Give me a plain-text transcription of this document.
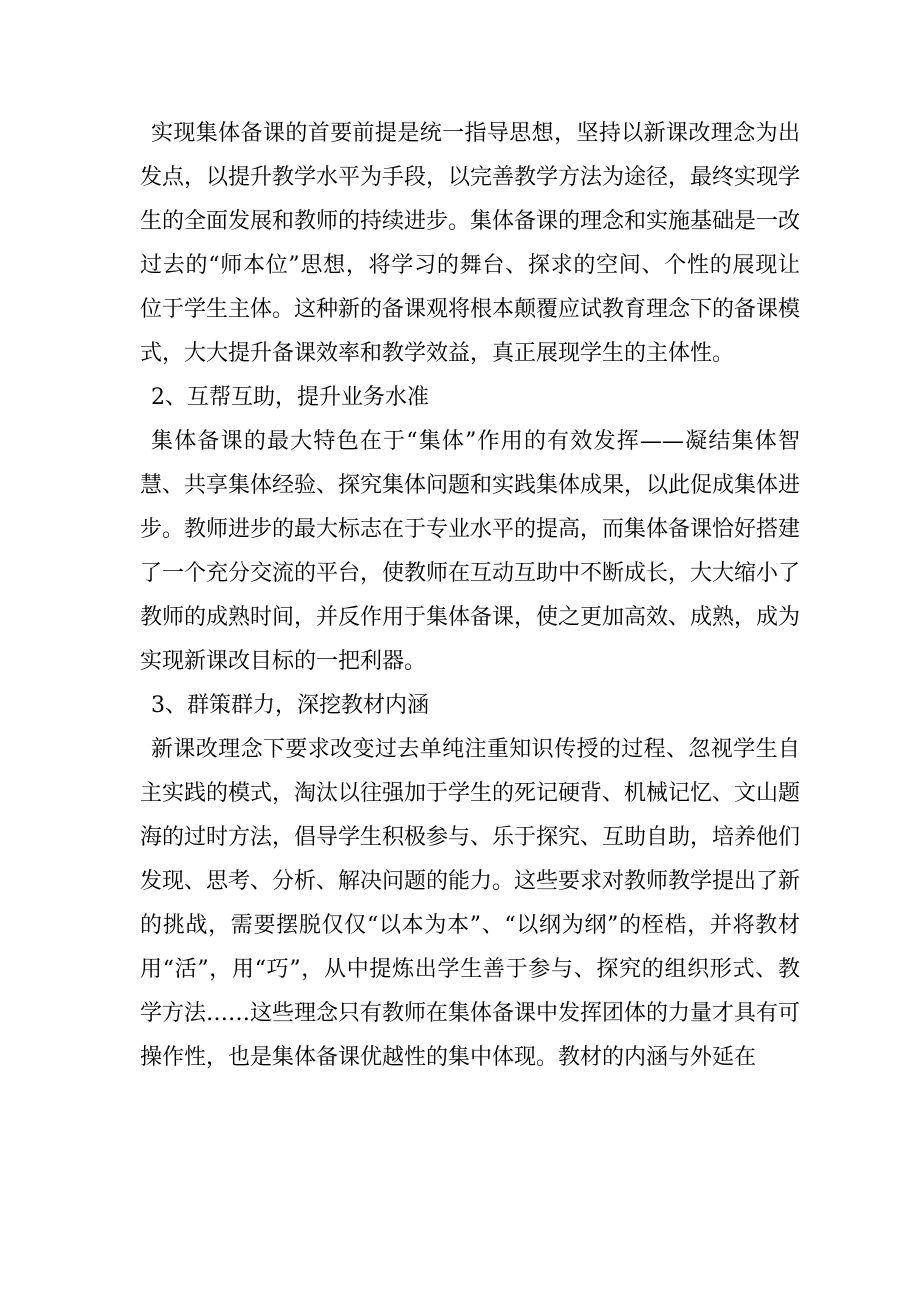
实现集体备课的首要前提是统一指导思想，坚持以新课改理念为出发点，以提升教学水平为手段，以完善教学方法为途径，最终实现学生的全面发展和教师的持续进步。集体备课的理念和实施基础是一改过去的“师本位”思想，将学习的舞台、探求的空间、个性的展现让位于学生主体。这种新的备课观将根本颠覆应试教育理念下的备课模式，大大提升备课效率和教学效益，真正展现学生的主体性。

2、互帮互助，提升业务水准

集体备课的最大特色在于“集体”作用的有效发挥——凝结集体智慧、共享集体经验、探究集体问题和实践集体成果，以此促成集体进步。教师进步的最大标志在于专业水平的提高，而集体备课恰好搭建了一个充分交流的平台，使教师在互动互助中不断成长，大大缩小了教师的成熟时间，并反作用于集体备课，使之更加高效、成熟，成为实现新课改目标的一把利器。

3、群策群力，深挖教材内涵

新课改理念下要求改变过去单纯注重知识传授的过程、忽视学生自主实践的模式，淘汰以往强加于学生的死记硬背、机械记忆、文山题海的过时方法，倡导学生积极参与、乐于探究、互助自助，培养他们发现、思考、分析、解决问题的能力。这些要求对教师教学提出了新的挑战，需要摆脱仅仅“以本为本”、“以纲为纲”的桎梏，并将教材用“活”，用“巧”，从中提炼出学生善于参与、探究的组织形式、教学方法……这些理念只有教师在集体备课中发挥团体的力量才具有可操作性，也是集体备课优越性的集中体现。教材的内涵与外延在
